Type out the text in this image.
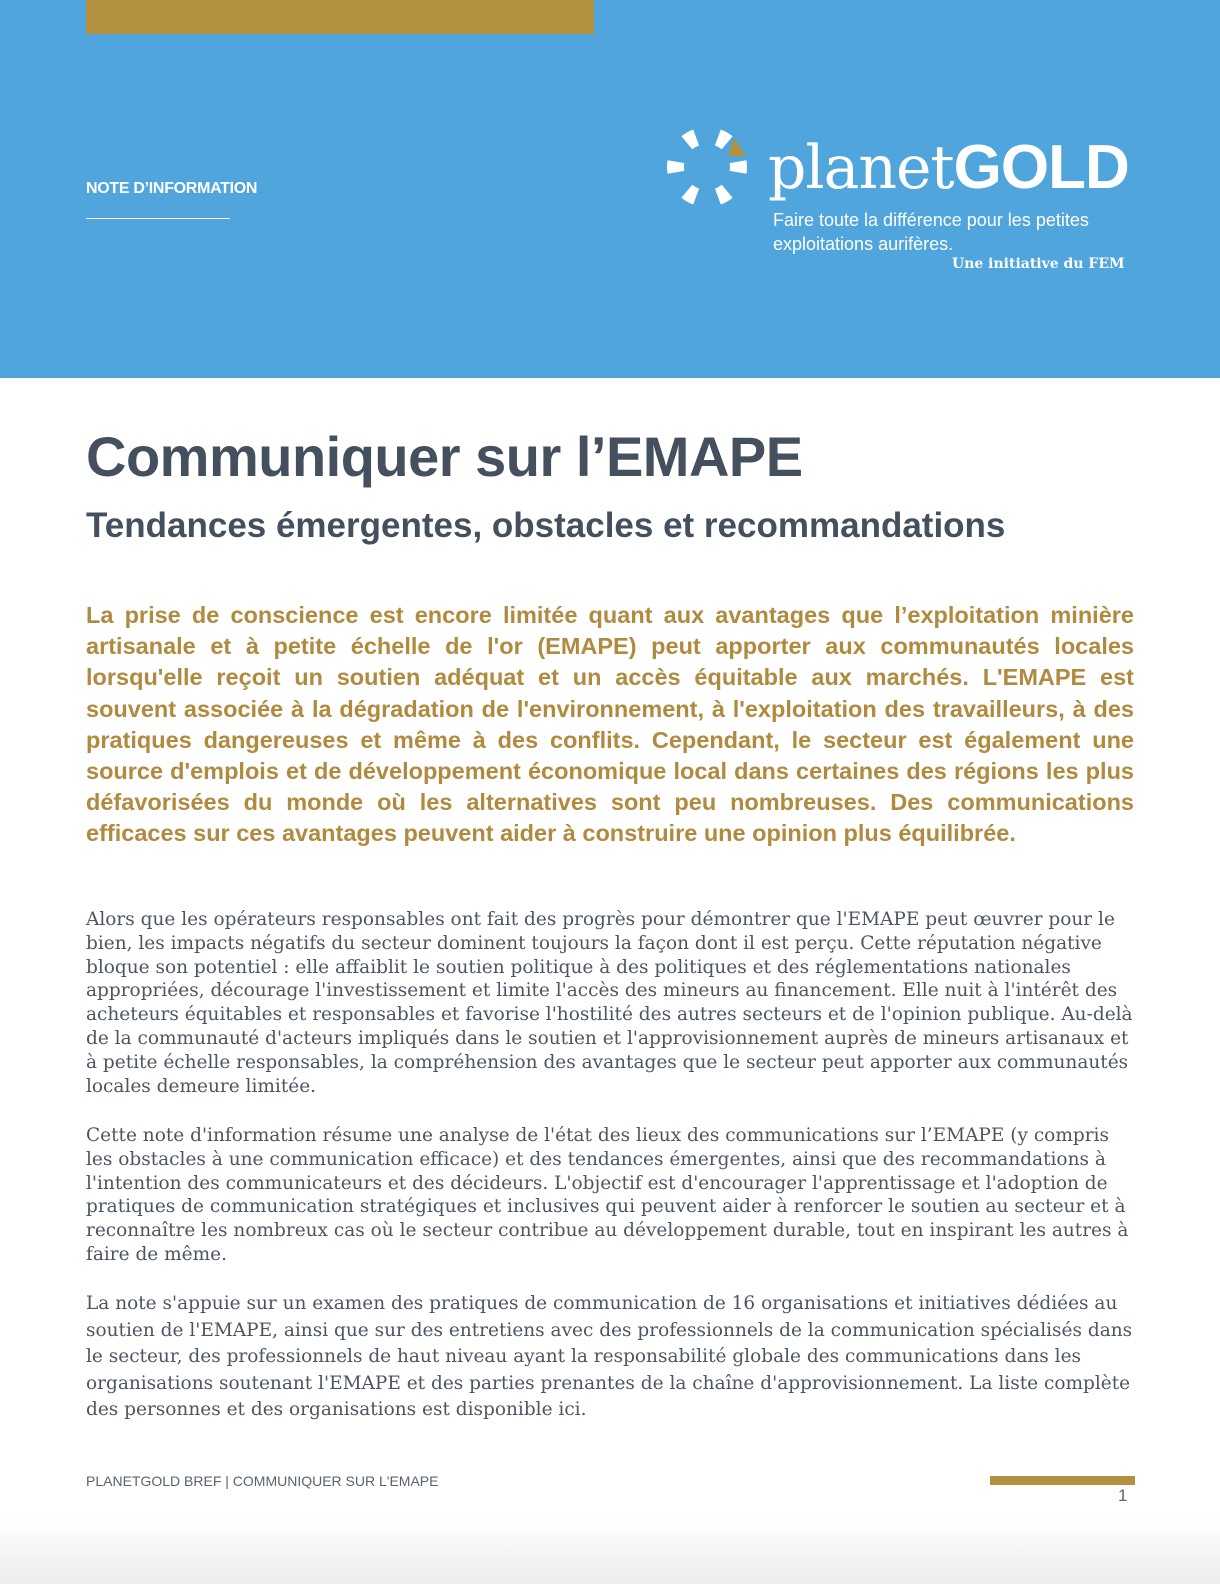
NOTE D’INFORMATION	planetGOLD
Faire toute la différence pour les petites exploitations aurifères.
Une initiative du FEM
Communiquer sur l’EMAPE
Tendances émergentes, obstacles et recommandations

La prise de conscience est encore limitée quant aux avantages que l’exploitation minière artisanale et à petite échelle de l'or (EMAPE) peut apporter aux communautés locales lorsqu'elle reçoit un soutien adéquat et un accès équitable aux marchés. L'EMAPE est souvent associée à la dégradation de l'environnement, à l'exploitation des travailleurs, à des pratiques dangereuses et même à des conflits. Cependant, le secteur est également une source d'emplois et de développement économique local dans certaines des régions les plus défavorisées du monde où les alternatives sont peu nombreuses. Des communications efficaces sur ces avantages peuvent aider à construire une opinion plus équilibrée.

Alors que les opérateurs responsables ont fait des progrès pour démontrer que l'EMAPE peut œuvrer pour le bien, les impacts négatifs du secteur dominent toujours la façon dont il est perçu. Cette réputation négative bloque son potentiel : elle affaiblit le soutien politique à des politiques et des réglementations nationales appropriées, décourage l'investissement et limite l'accès des mineurs au financement. Elle nuit à l'intérêt des acheteurs équitables et responsables et favorise l'hostilité des autres secteurs et de l'opinion publique. Au-delà de la communauté d'acteurs impliqués dans le soutien et l'approvisionnement auprès de mineurs artisanaux et à petite échelle responsables, la compréhension des avantages que le secteur peut apporter aux communautés locales demeure limitée.

Cette note d'information résume une analyse de l'état des lieux des communications sur l’EMAPE (y compris les obstacles à une communication efficace) et des tendances émergentes, ainsi que des recommandations à l'intention des communicateurs et des décideurs. L'objectif est d'encourager l'apprentissage et l'adoption de pratiques de communication stratégiques et inclusives qui peuvent aider à renforcer le soutien au secteur et à reconnaître les nombreux cas où le secteur contribue au développement durable, tout en inspirant les autres à faire de même.

La note s'appuie sur un examen des pratiques de communication de 16 organisations et initiatives dédiées au soutien de l'EMAPE, ainsi que sur des entretiens avec des professionnels de la communication spécialisés dans le secteur, des professionnels de haut niveau ayant la responsabilité globale des communications dans les organisations soutenant l'EMAPE et des parties prenantes de la chaîne d'approvisionnement. La liste complète des personnes et des organisations est disponible ici.

PLANETGOLD BREF | COMMUNIQUER SUR L'EMAPE
1
